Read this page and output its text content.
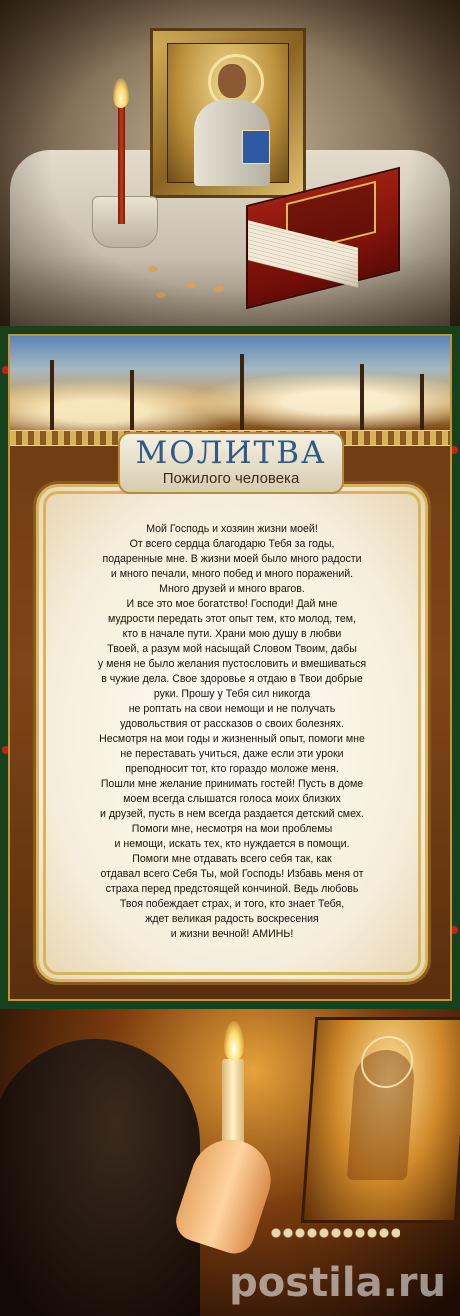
Мой Господь и хозяин жизни моей!
От всего сердца благодарю Тебя за годы,
подаренные мне. В жизни моей было много радости
и много печали, много побед и много поражений.
Много друзей и много врагов.
И все это мое богатство! Господи! Дай мне
мудрости передать этот опыт тем, кто молод, тем,
кто в начале пути. Храни мою душу в любви
Твоей, а разум мой насыщай Словом Твоим, дабы
у меня не было желания пустословить и вмешиваться
в чужие дела. Свое здоровье я отдаю в Твои добрые
руки. Прошу у Тебя сил никогда
не роптать на свои немощи и не получать
удовольствия от рассказов о своих болезнях.
Несмотря на мои годы и жизненный опыт, помоги мне
не переставать учиться, даже если эти уроки
преподносит тот, кто гораздо моложе меня.
Пошли мне желание принимать гостей! Пусть в доме
моем всегда слышатся голоса моих близких
и друзей, пусть в нем всегда раздается детский смех.
Помоги мне, несмотря на мои проблемы
и немощи, искать тех, кто нуждается в помощи.
Помоги мне отдавать всего себя так, как
отдавал всего Себя Ты, мой Господь! Избавь меня от
страха перед предстоящей кончиной. Ведь любовь
Твоя побеждает страх, и того, кто знает Тебя,
ждет великая радость воскресения
и жизни вечной! АМИНЬ!

МОЛИТВА
Пожилого человека
postila.ru
